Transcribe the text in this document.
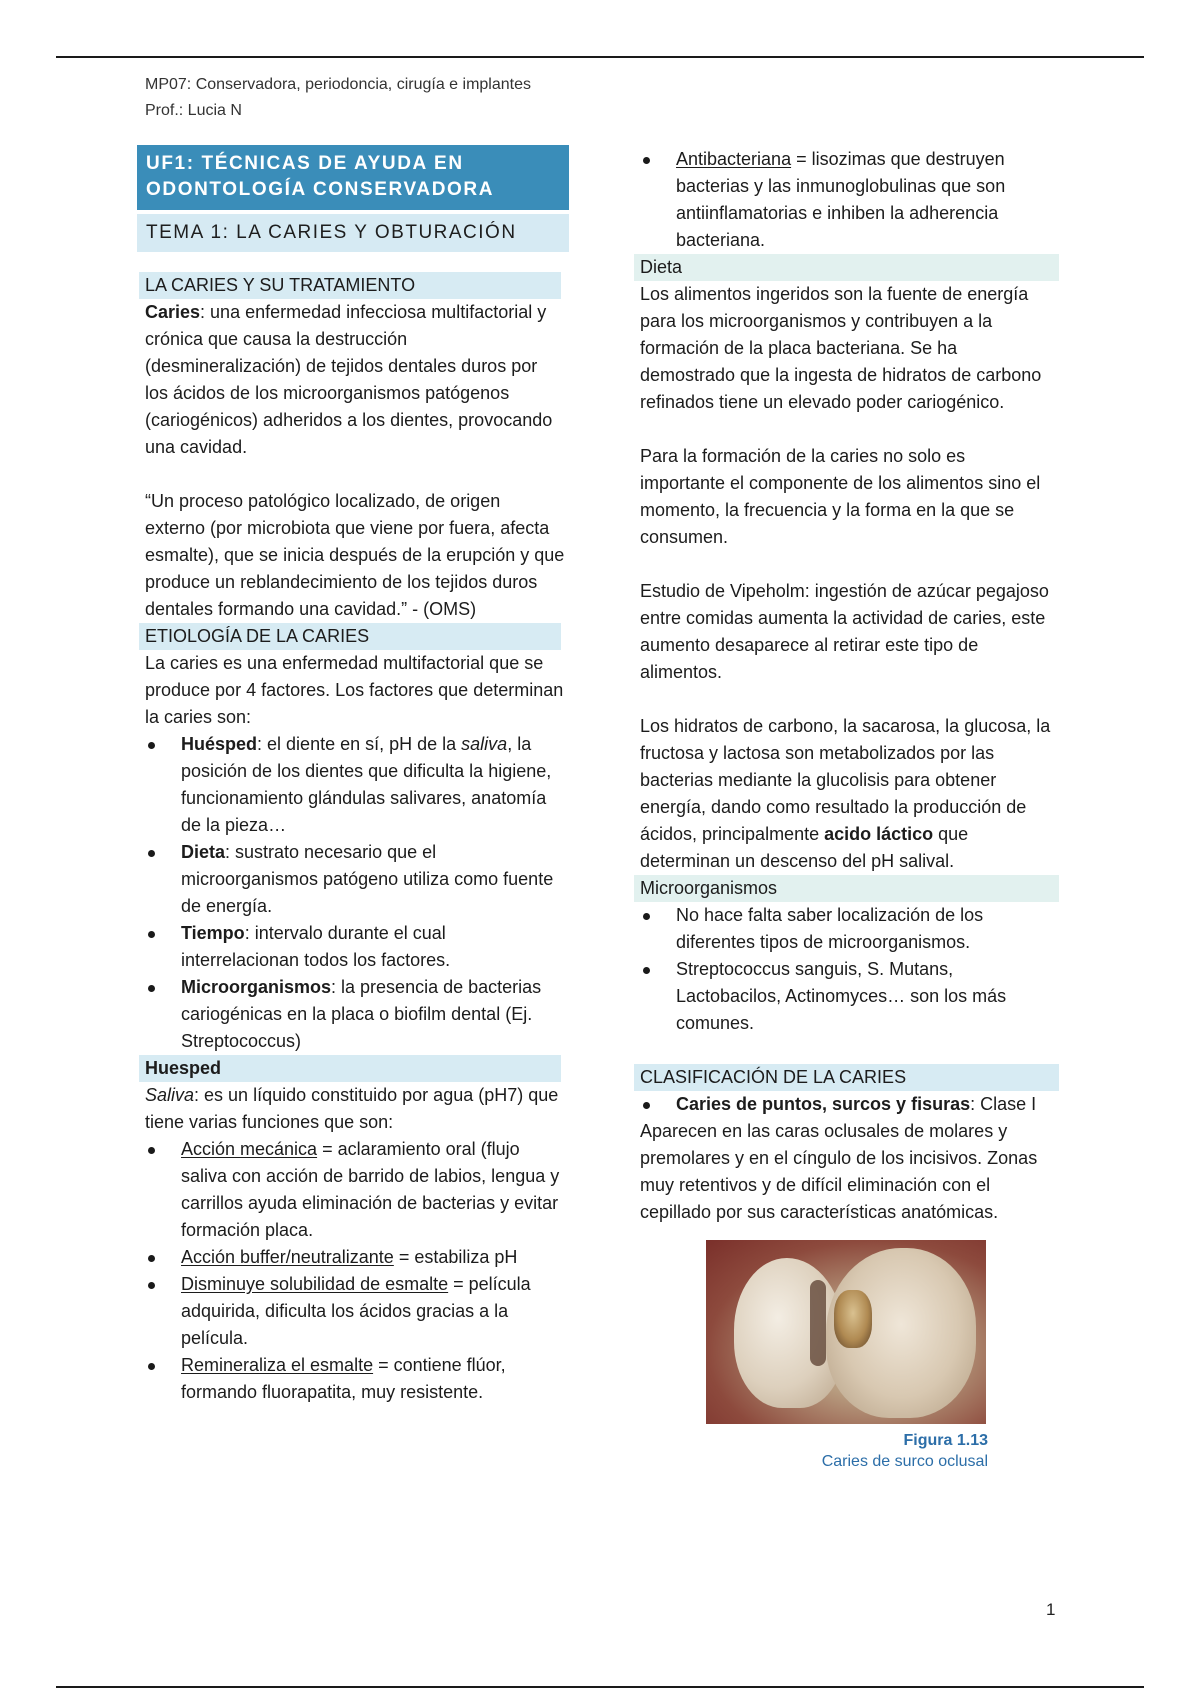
MP07: Conservadora, periodoncia, cirugía e implantes
Prof.: Lucia N
UF1: TÉCNICAS DE AYUDA EN
ODONTOLOGÍA CONSERVADORA
TEMA 1: LA CARIES Y OBTURACIÓN
LA CARIES Y SU TRATAMIENTO

Caries: una enfermedad infecciosa multifactorial y crónica que causa la destrucción (desmineralización) de tejidos dentales duros por los ácidos de los microorganismos patógenos (cariogénicos) adheridos a los dientes, provocando una cavidad.

“Un proceso patológico localizado, de origen externo (por microbiota que viene por fuera, afecta esmalte), que se inicia después de la erupción y que produce un reblandecimiento de los tejidos duros dentales formando una cavidad.” - (OMS)

ETIOLOGÍA DE LA CARIES

La caries es una enfermedad multifactorial que se produce por 4 factores. Los factores que determinan la caries son:

Huésped: el diente en sí, pH de la saliva, la posición de los dientes que dificulta la higiene, funcionamiento glándulas salivares, anatomía de la pieza…
Dieta: sustrato necesario que el microorganismos patógeno utiliza como fuente de energía.
Tiempo: intervalo durante el cual interrelacionan todos los factores.
Microorganismos: la presencia de bacterias cariogénicas en la placa o biofilm dental (Ej. Streptococcus)
Huesped

Saliva: es un líquido constituido por agua (pH7) que tiene varias funciones que son:

Acción mecánica = aclaramiento oral (flujo saliva con acción de barrido de labios, lengua y carrillos ayuda eliminación de bacterias y evitar formación placa.
Acción buffer/neutralizante = estabiliza pH
Disminuye solubilidad de esmalte = película adquirida, dificulta los ácidos gracias a la película.
Remineraliza el esmalte = contiene flúor, formando fluorapatita, muy resistente.
Antibacteriana = lisozimas que destruyen bacterias y las inmunoglobulinas que son antiinflamatorias e inhiben la adherencia bacteriana.
Dieta

Los alimentos ingeridos son la fuente de energía para los microorganismos y contribuyen a la formación de la placa bacteriana. Se ha demostrado que la ingesta de hidratos de carbono refinados tiene un elevado poder cariogénico.

Para la formación de la caries no solo es importante el componente de los alimentos sino el momento, la frecuencia y la forma en la que se consumen.

Estudio de Vipeholm: ingestión de azúcar pegajoso entre comidas aumenta la actividad de caries, este aumento desaparece al retirar este tipo de alimentos.

Los hidratos de carbono, la sacarosa, la glucosa, la fructosa y lactosa son metabolizados por las bacterias mediante la glucolisis para obtener energía, dando como resultado la producción de ácidos, principalmente acido láctico que determinan un descenso del pH salival.

Microorganismos
No hace falta saber localización de los diferentes tipos de microorganismos.
Streptococcus sanguis, S. Mutans, Lactobacilos, Actinomyces… son los más comunes.
CLASIFICACIÓN DE LA CARIES
Caries de puntos, surcos y fisuras: Clase I

Aparecen en las caras oclusales de molares y premolares y en el cíngulo de los incisivos. Zonas muy retentivos y de difícil eliminación con el cepillado por sus características anatómicas.

Figura 1.13
Caries de surco oclusal
1
